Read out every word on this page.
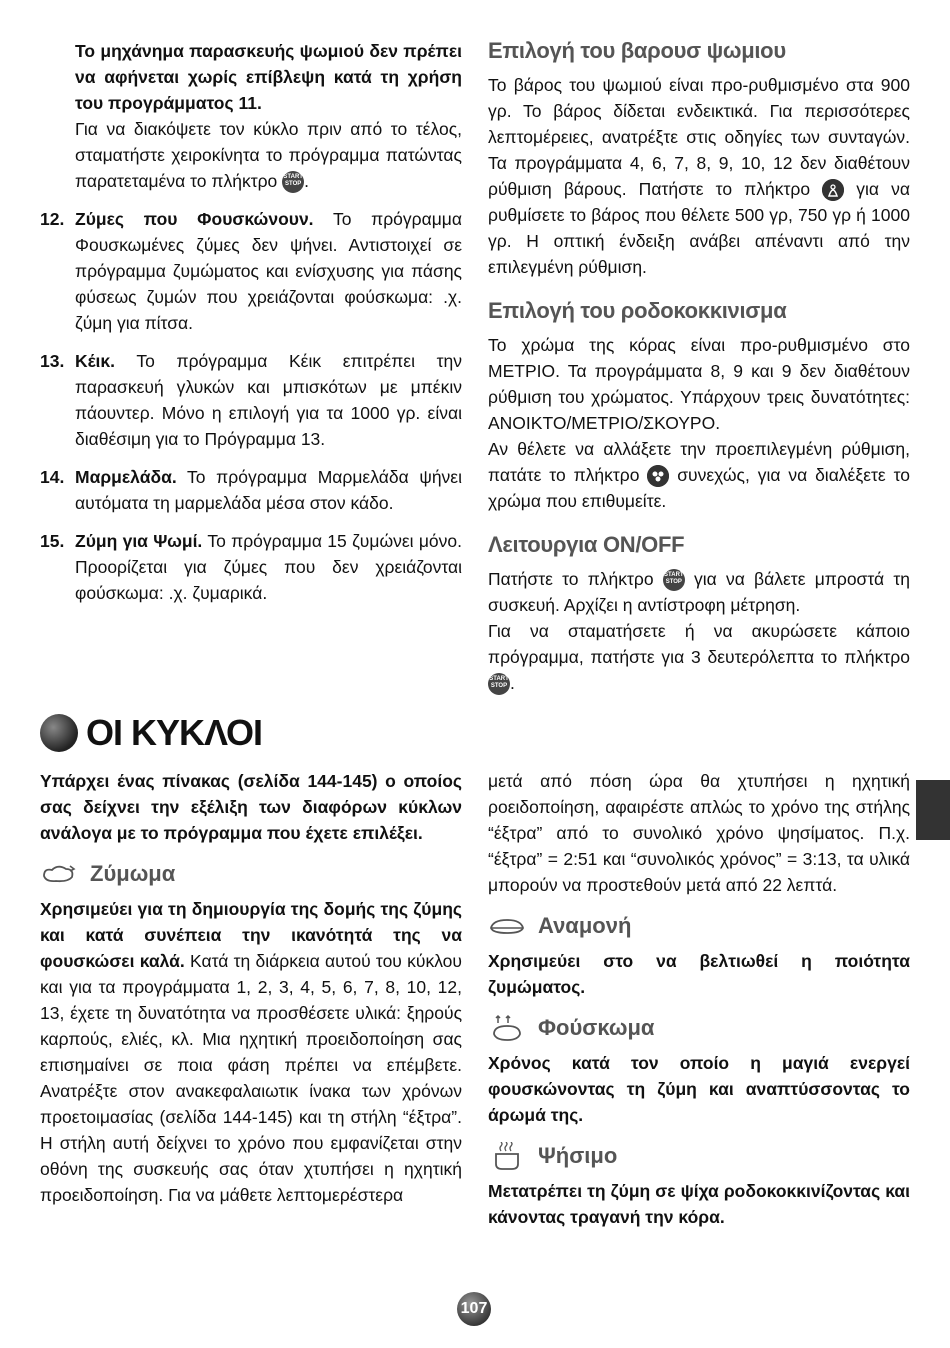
Το μηχάνημα παρασκευής ψωμιού δεν πρέπει να αφήνεται χωρίς επίβλεψη κατά τη χρήση του προγράμματος 11.

Για να διακόψετε τον κύκλο πριν από το τέλος, σταματήστε χειροκίνητα το πρόγραμμα πατώντας παρατεταμένα το πλήκτρο START
STOP .

12. Ζύμες που Φουσκώνουν. Το πρόγραμμα Φουσκωμένες ζύμες δεν ψήνει. Αντιστοιχεί σε πρόγραμμα ζυμώματος και ενίσχυσης για πάσης φύσεως ζυμών που χρειάζονται φούσκωμα: .χ. ζύμη για πίτσα.

13. Κέικ. Το πρόγραμμα Κέικ επιτρέπει την παρασκευή γλυκών και μπισκότων με μπέκιν πάουντερ. Μόνο η επιλογή για τα 1000 γρ. είναι διαθέσιμη για το Πρόγραμμα 13.

14. Μαρμελάδα. Το πρόγραμμα Μαρμελάδα ψήνει αυτόματα τη μαρμελάδα μέσα στον κάδο.

15. Ζύμη για Ψωμί. Το πρόγραμμα 15 ζυμώνει μόνο. Προορίζεται για ζύμες που δεν χρειάζονται φούσκωμα: .χ. ζυμαρικά.

Επιλογή του βαρουσ ψωμιου

Το βάρος του ψωμιού είναι προ-ρυθμισμένο στα 900 γρ. Το βάρος δίδεται ενδεικτικά. Για περισσότερες λεπτομέρειες, ανατρέξτε στις οδηγίες των συνταγών. Τα προγράμματα 4, 6, 7, 8, 9, 10, 12 δεν διαθέτουν ρύθμιση βάρους. Πατήστε το πλήκτρο	για να ρυθμίσετε το βάρος που θέλετε 500 γρ, 750 γρ ή 1000 γρ. Η οπτική ένδειξη ανάβει απέναντι από την επιλεγμένη ρύθμιση.

Επιλογή του ροδοκοκκινισμα

Το χρώμα της κόρας είναι προ-ρυθμισμένο στο ΜΕΤΡΙΟ. Τα προγράμματα 8, 9 και 9 δεν διαθέτουν ρύθμιση του χρώματος. Υπάρχουν τρεις δυνατότητες: ΑΝΟΙΚΤΟ/ΜΕΤΡΙΟ/ΣΚΟΥΡΟ.

Αν θέλετε να αλλάξετε την προεπιλεγμένη ρύθμιση, πατάτε το πλήκτρο συνεχώς, για να διαλέξετε το χρώμα που επιθυμείτε.

Λειτουργια ON/OFF

Πατήστε το πλήκτρο START
STOP για να βάλετε μπροστά τη συσκευή. Αρχίζει η αντίστροφη μέτρηση.

Για να σταματήσετε ή να ακυρώσετε κάποιο πρόγραμμα, πατήστε για 3 δευτερόλεπτα το πλήκτρο START
STOP .

ΟΙ ΚΥΚΛΟΙ

Υπάρχει ένας πίνακας (σελίδα 144-145) ο οποίος σας δείχνει την εξέλιξη των διαφόρων κύκλων ανάλογα με το πρόγραμμα που έχετε επιλέξει.

Ζύμωμα

Χρησιμεύει για τη δημιουργία της δομής της ζύμης και κατά συνέπεια την ικανότητά της να φουσκώσει καλά. Κατά τη διάρκεια αυτού του κύκλου και για τα προγράμματα 1, 2, 3, 4, 5, 6, 7, 8, 10, 12, 13, έχετε τη δυνατότητα να προσθέσετε υλικά: ξηρούς καρπούς, ελιές, κλ. Μια ηχητική προειδοποίηση σας επισημαίνει σε ποια φάση πρέπει να επέμβετε. Ανατρέξτε στον ανακεφαλαιωτικ ίνακα των χρόνων προετοιμασίας (σελίδα 144-145) και τη στήλη “έξτρα”. Η στήλη αυτή δείχνει το χρόνο που εμφανίζεται στην οθόνη της συσκευής σας όταν χτυπήσει η ηχητική προειδοποίηση. Για να μάθετε λεπτομερέστερα

μετά από πόση ώρα θα χτυπήσει η ηχητική ροειδοποίηση, αφαιρέστε απλώς το χρόνο της στήλης “έξτρα” από το συνολικό χρόνο ψησίματος. Π.χ. “έξτρα” = 2:51 και “συνολικός χρόνος” = 3:13, τα υλικά μπορούν να προστεθούν μετά από 22 λεπτά.

Αναμονή

Χρησιμεύει στο να βελτιωθεί η ποιότητα ζυμώματος.

Φούσκωμα

Χρόνος κατά τον οποίο η μαγιά ενεργεί φουσκώνοντας τη ζύμη και αναπτύσσοντας το άρωμά της.

Ψήσιμο

Μετατρέπει τη ζύμη σε ψίχα ροδοκοκκινίζοντας και κάνοντας τραγανή την κόρα.

107
